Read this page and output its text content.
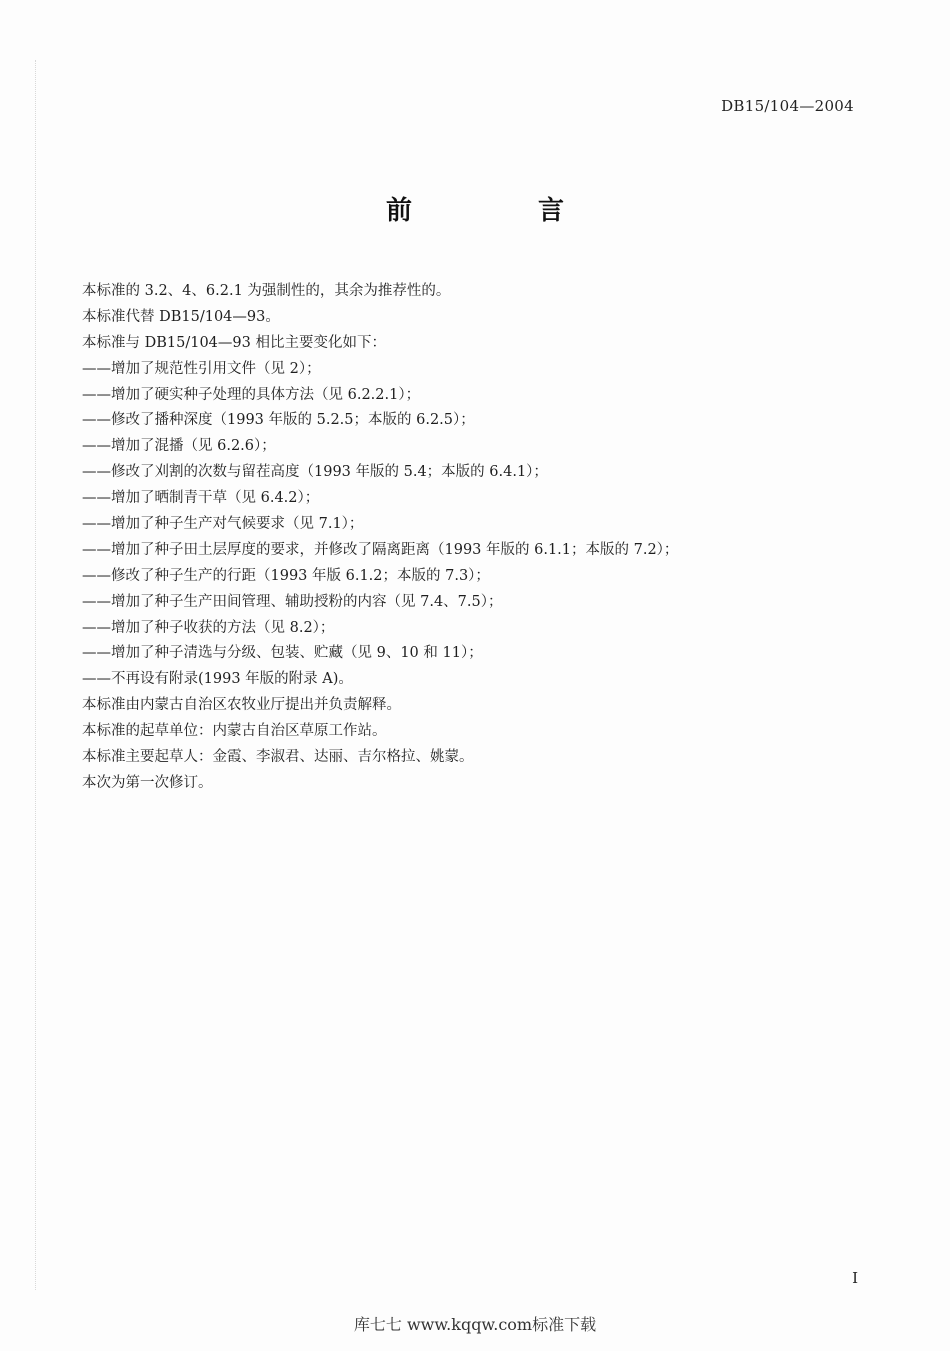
DB15/104—2004
前　言
本标准的 3.2、4、6.2.1 为强制性的，其余为推荐性的。
本标准代替 DB15/104—93。
本标准与 DB15/104—93 相比主要变化如下：
——增加了规范性引用文件（见 2）；
——增加了硬实种子处理的具体方法（见 6.2.2.1）；
——修改了播种深度（1993 年版的 5.2.5；本版的 6.2.5）；
——增加了混播（见 6.2.6）；
——修改了刈割的次数与留茬高度（1993 年版的 5.4；本版的 6.4.1）；
——增加了晒制青干草（见 6.4.2）；
——增加了种子生产对气候要求（见 7.1）；
——增加了种子田土层厚度的要求，并修改了隔离距离（1993 年版的 6.1.1；本版的 7.2）；
——修改了种子生产的行距（1993 年版 6.1.2；本版的 7.3）；
——增加了种子生产田间管理、辅助授粉的内容（见 7.4、7.5）；
——增加了种子收获的方法（见 8.2）；
——增加了种子清选与分级、包装、贮藏（见 9、10 和 11）；
——不再设有附录(1993 年版的附录 A)。
本标准由内蒙古自治区农牧业厅提出并负责解释。
本标准的起草单位：内蒙古自治区草原工作站。
本标准主要起草人：金霞、李淑君、达丽、吉尔格拉、姚蒙。
本次为第一次修订。
I
库七七 www.kqqw.com标准下载
